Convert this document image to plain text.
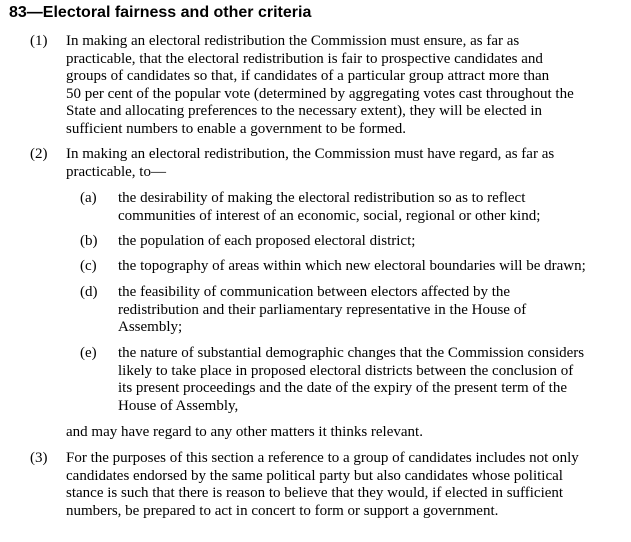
83—Electoral fairness and other criteria
(1) In making an electoral redistribution the Commission must ensure, as far as
practicable, that the electoral redistribution is fair to prospective candidates and
groups of candidates so that, if candidates of a particular group attract more than
50 per cent of the popular vote (determined by aggregating votes cast throughout the
State and allocating preferences to the necessary extent), they will be elected in
sufficient numbers to enable a government to be formed.
(2) In making an electoral redistribution, the Commission must have regard, as far as
practicable, to—
(a) the desirability of making the electoral redistribution so as to reflect
communities of interest of an economic, social, regional or other kind;
(b) the population of each proposed electoral district;
(c) the topography of areas within which new electoral boundaries will be drawn;
(d) the feasibility of communication between electors affected by the
redistribution and their parliamentary representative in the House of
Assembly;
(e) the nature of substantial demographic changes that the Commission considers
likely to take place in proposed electoral districts between the conclusion of
its present proceedings and the date of the expiry of the present term of the
House of Assembly,
and may have regard to any other matters it thinks relevant.
(3) For the purposes of this section a reference to a group of candidates includes not only
candidates endorsed by the same political party but also candidates whose political
stance is such that there is reason to believe that they would, if elected in sufficient
numbers, be prepared to act in concert to form or support a government.
